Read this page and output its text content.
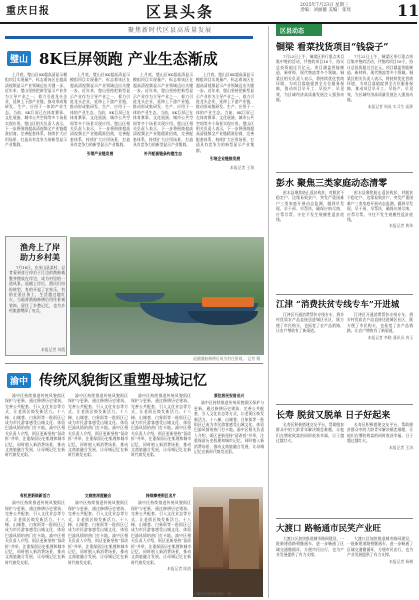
重庆日报	区县头条	2025年7月23日 星期三
责编：刘丽璇 美编：张瑶	11
聚焦新时代区县高质量发展
璧山 8K巨屏领跑 产业生态渐成

上月底，璧山区8K超高清显示模组项目实现量产，标志着该区在超高清视频显示产业领域迈出关键一步。近年来，璧山坚持把新型显示产业作为主导产业之一，着力引进龙头企业，延伸上下游产业链，推动形成集研发、生产、应用于一体的产业生态。当前，8K巨屏已在体育赛事、文化展演、城市公共空间等多个场景实现应用。璧山区相关负责人表示，下一步将围绕超高清视频全产业链精准招商，完善配套体系，持续扩大应用场景，打造具有竞争力的新型显示产业集群。

上月底，璧山区8K超高清显示模组项目实现量产，标志着该区在超高清视频显示产业领域迈出关键一步。近年来，璧山坚持把新型显示产业作为主导产业之一，着力引进龙头企业，延伸上下游产业链，推动形成集研发、生产、应用于一体的产业生态。当前，8K巨屏已在体育赛事、文化展演、城市公共空间等多个场景实现应用。璧山区相关负责人表示，下一步将围绕超高清视频全产业链精准招商，完善配套体系，持续扩大应用场景，打造具有竞争力的新型显示产业集群。

引领产业链发展

上月底，璧山区8K超高清显示模组项目实现量产，标志着该区在超高清视频显示产业领域迈出关键一步。近年来，璧山坚持把新型显示产业作为主导产业之一，着力引进龙头企业，延伸上下游产业链，推动形成集研发、生产、应用于一体的产业生态。当前，8K巨屏已在体育赛事、文化展演、城市公共空间等多个场景实现应用。璧山区相关负责人表示，下一步将围绕超高清视频全产业链精准招商，完善配套体系，持续扩大应用场景，打造具有竞争力的新型显示产业集群。

补齐配套链条构建生态

上月底，璧山区8K超高清显示模组项目实现量产，标志着该区在超高清视频显示产业领域迈出关键一步。近年来，璧山坚持把新型显示产业作为主导产业之一，着力引进龙头企业，延伸上下游产业链，推动形成集研发、生产、应用于一体的产业生态。当前，8K巨屏已在体育赛事、文化展演、城市公共空间等多个场景实现应用。璧山区相关负责人表示，下一步将围绕超高清视频全产业链精准招商，完善配套体系，持续扩大应用场景，打造具有竞争力的新型显示产业集群。

引培企业链接发展
本报记者 王翔
渔舟上了岸
助力乡村美

7月16日，在巫山县某村，记者看到昔日停泊于江边的渔船被整齐摆放在岸边，成为村里的一道风景。退捕上岸后，渔民们纷纷转型，有的开起了农家乐，有的在景区务工，生活越过越红火。当地将渔船修缮后用作景观装饰，留住了乡愁记忆，也为乡村旅游增添了亮点。

本报记者 刘霞
退捕渔船修缮后成为村庄景观。 记者 摄
渝中 传统风貌街区重塑母城记忆

渝中区持续推进传统风貌街区保护与更新，通过修缮历史建筑、完善公共配套、引入文化业态等方式，让老街区焕发新活力。十八梯、山城巷、白象街等一批街区已成为市民游客感受山城文化、体验巴渝风情的热门打卡地。渝中区相关负责人介绍，街区更新坚持“留改拆”并举，注重保留历史肌理和城市记忆，同时植入新消费场景，推动文商旅融合发展，让母城记忆在新时代焕发光彩。

渝中区持续推进传统风貌街区保护与更新，通过修缮历史建筑、完善公共配套、引入文化业态等方式，让老街区焕发新活力。十八梯、山城巷、白象街等一批街区已成为市民游客感受山城文化、体验巴渝风情的热门打卡地。渝中区相关负责人介绍，街区更新坚持“留改拆”并举，注重保留历史肌理和城市记忆，同时植入新消费场景，推动文商旅融合发展，让母城记忆在新时代焕发光彩。

渝中区持续推进传统风貌街区保护与更新，通过修缮历史建筑、完善公共配套、引入文化业态等方式，让老街区焕发新活力。十八梯、山城巷、白象街等一批街区已成为市民游客感受山城文化、体验巴渝风情的热门打卡地。渝中区相关负责人介绍，街区更新坚持“留改拆”并举，注重保留历史肌理和城市记忆，同时植入新消费场景，推动文商旅融合发展，让母城记忆在新时代焕发光彩。

原住居民安居业兴

渝中区持续推进传统风貌街区保护与更新，通过修缮历史建筑、完善公共配套、引入文化业态等方式，让老街区焕发新活力。十八梯、山城巷、白象街等一批街区已成为市民游客感受山城文化、体验巴渝风情的热门打卡地。渝中区相关负责人介绍，街区更新坚持“留改拆”并举，注重保留历史肌理和城市记忆，同时植入新消费场景，推动文商旅融合发展，让母城记忆在新时代焕发光彩。

有机更新焕新活力

渝中区持续推进传统风貌街区保护与更新，通过修缮历史建筑、完善公共配套、引入文化业态等方式，让老街区焕发新活力。十八梯、山城巷、白象街等一批街区已成为市民游客感受山城文化、体验巴渝风情的热门打卡地。渝中区相关负责人介绍，街区更新坚持“留改拆”并举，注重保留历史肌理和城市记忆，同时植入新消费场景，推动文商旅融合发展，让母城记忆在新时代焕发光彩。

文商旅深度融合

渝中区持续推进传统风貌街区保护与更新，通过修缮历史建筑、完善公共配套、引入文化业态等方式，让老街区焕发新活力。十八梯、山城巷、白象街等一批街区已成为市民游客感受山城文化、体验巴渝风情的热门打卡地。渝中区相关负责人介绍，街区更新坚持“留改拆”并举，注重保留历史肌理和城市记忆，同时植入新消费场景，推动文商旅融合发展，让母城记忆在新时代焕发光彩。

持续擦亮街区名片

渝中区持续推进传统风貌街区保护与更新，通过修缮历史建筑、完善公共配套、引入文化业态等方式，让老街区焕发新活力。十八梯、山城巷、白象街等一批街区已成为市民游客感受山城文化、体验巴渝风情的热门打卡地。渝中区相关负责人介绍，街区更新坚持“留改拆”并举，注重保留历史肌理和城市记忆，同时植入新消费场景，推动文商旅融合发展，让母城记忆在新时代焕发光彩。

本报记者 陈波
山城巷传统风貌街区一角。
区县动态
铜梁 看菜找货项目“钱袋子”

7月22日上午，铜梁区举行重点项目集中签约活动，共签约项目16个，协议总投资超过百亿元。项目涵盖智能制造、新材料、现代物流等多个领域。铜梁区相关负责人表示，将持续优化营商环境，为项目落地提供全方位服务保障，推动项目早开工、早投产、早见效，为区域经济高质量发展注入强劲动能。

7月22日上午，铜梁区举行重点项目集中签约活动，共签约项目16个，协议总投资超过百亿元。项目涵盖智能制造、新材料、现代物流等多个领域。铜梁区相关负责人表示，将持续优化营商环境，为项目落地提供全方位服务保障，推动项目早开工、早投产、早见效，为区域经济高质量发展注入强劲动能。

本报记者 周成 实习生 高源
彭水 聚焦三类家庭动态清零

彭水县聚焦防止返贫致贫，对脱贫不稳定户、边缘易致贫户、突发严重困难户三类家庭开展动态监测，做到早发现、早干预、早帮扶，确保应纳尽纳、应帮尽帮，守住不发生规模性返贫底线。

彭水县聚焦防止返贫致贫，对脱贫不稳定户、边缘易致贫户、突发严重困难户三类家庭开展动态监测，做到早发现、早干预、早帮扶，确保应纳尽纳、应帮尽帮，守住不发生规模性返贫底线。

本报记者 黄伟
江津 “消费扶贫专线专车”开进城

江津区开通消费帮扶专线专车，将乡村优质农产品直接送进城区社区，既方便了市民购买，也拓宽了农产品销路，让农户增收有了新渠道。

江津区开通消费帮扶专线专车，将乡村优质农产品直接送进城区社区，既方便了市民购买，也拓宽了农产品销路，让农户增收有了新渠道。

本报记者 李晓 通讯员 冉玉
长寿 脱贫又脱单 日子好起来

长寿区积极搭建交友平台，帮助脱贫群众中的大龄青年解决婚恋难题，让他们在增收致富的同时收获幸福，日子越过越红火。

长寿区积极搭建交友平台，帮助脱贫群众中的大龄青年解决婚恋难题，让他们在增收致富的同时收获幸福，日子越过越红火。

本报记者 王涛
大渡口 路畅通市民笑产业旺

大渡口区加快推进城市路网建设，一批新建道路相继通车，进一步畅通了区域交通微循环，方便市民出行，也为产业发展提供了有力支撑。

大渡口区加快推进城市路网建设，一批新建道路相继通车，进一步畅通了区域交通微循环，方便市民出行，也为产业发展提供了有力支撑。

本报记者 杨梅
